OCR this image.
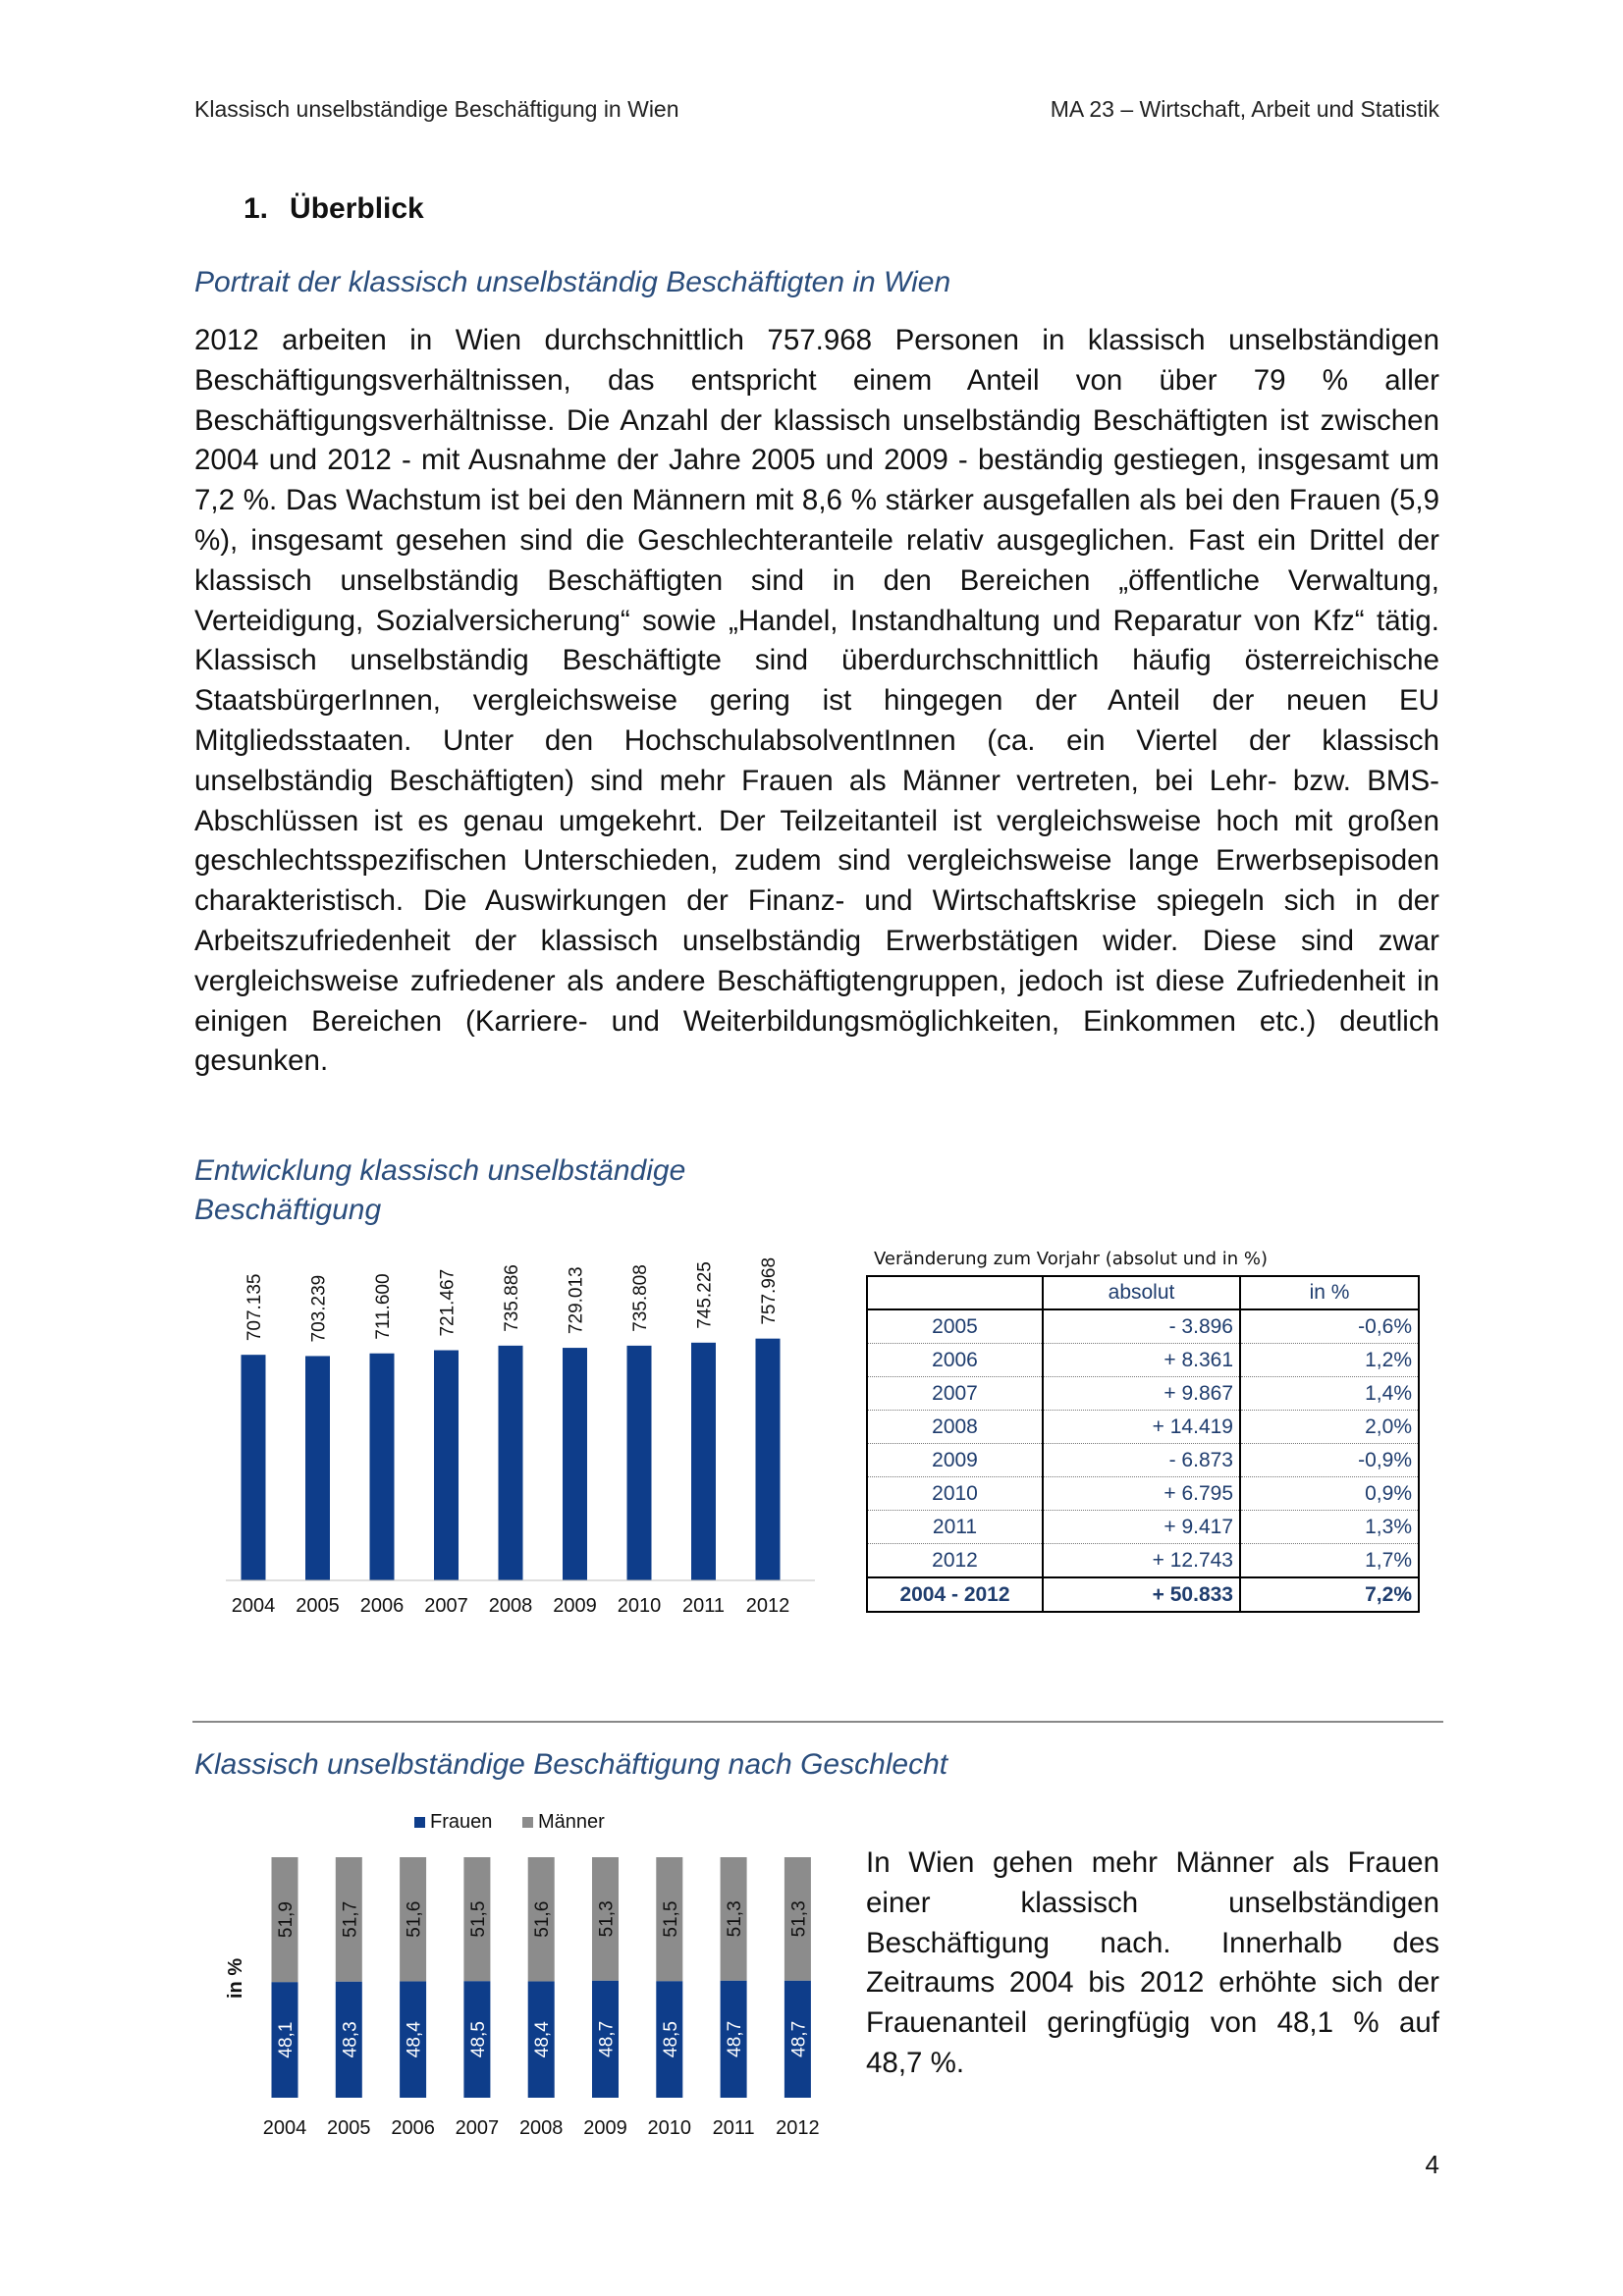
Klassisch unselbständige Beschäftigung in Wien	MA 23 – Wirtschaft, Arbeit und Statistik
1. Überblick
Portrait der klassisch unselbständig Beschäftigten in Wien
2012 arbeiten in Wien durchschnittlich 757.968 Personen in klassisch unselbständigen Beschäftigungsverhältnissen, das entspricht einem Anteil von über 79 % aller Beschäftigungsverhältnisse. Die Anzahl der klassisch unselbständig Beschäftigten ist zwischen 2004 und 2012 - mit Ausnahme der Jahre 2005 und 2009 - beständig gestiegen, insgesamt um 7,2 %. Das Wachstum ist bei den Männern mit 8,6 % stärker ausgefallen als bei den Frauen (5,9 %), insgesamt gesehen sind die Geschlechteranteile relativ ausgeglichen. Fast ein Drittel der klassisch unselbständig Beschäftigten sind in den Bereichen „öffentliche Verwaltung, Verteidigung, Sozialversicherung“ sowie „Handel, Instandhaltung und Reparatur von Kfz“ tätig. Klassisch unselbständig Beschäftigte sind überdurchschnittlich häufig österreichische StaatsbürgerInnen, vergleichsweise gering ist hingegen der Anteil der neuen EU Mitgliedsstaaten. Unter den HochschulabsolventInnen (ca. ein Viertel der klassisch unselbständig Beschäftigten) sind mehr Frauen als Männer vertreten, bei Lehr- bzw. BMS-Abschlüssen ist es genau umgekehrt. Der Teilzeitanteil ist vergleichsweise hoch mit großen geschlechtsspezifischen Unterschieden, zudem sind vergleichsweise lange Erwerbsepisoden charakteristisch. Die Auswirkungen der Finanz- und Wirtschaftskrise spiegeln sich in der Arbeitszufriedenheit der klassisch unselbständig Erwerbstätigen wider. Diese sind zwar vergleichsweise zufriedener als andere Beschäftigtengruppen, jedoch ist diese Zufriedenheit in einigen Bereichen (Karriere- und Weiterbildungsmöglichkeiten, Einkommen etc.) deutlich gesunken.
Entwicklung klassisch unselbständige
Beschäftigung
707.135
2004
703.239
2005
711.600
2006
721.467
2007
735.886
2008
729.013
2009
735.808
2010
745.225
2011
757.968
2012
Veränderung zum Vorjahr (absolut und in %)
	absolut	in %
2005	- 3.896	-0,6%
2006	+ 8.361	1,2%
2007	+ 9.867	1,4%
2008	+ 14.419	2,0%
2009	- 6.873	-0,9%
2010	+ 6.795	0,9%
2011	+ 9.417	1,3%
2012	+ 12.743	1,7%
2004 - 2012	+ 50.833	7,2%
Klassisch unselbständige Beschäftigung nach Geschlecht
Frauen Männer
in %
48,1
51,9
2004
48,3
51,7
2005
48,4
51,6
2006
48,5
51,5
2007
48,4
51,6
2008
48,7
51,3
2009
48,5
51,5
2010
48,7
51,3
2011
48,7
51,3
2012
In Wien gehen mehr Männer als Frauen einer klassisch unselbständigen Beschäftigung nach. Innerhalb des Zeitraums 2004 bis 2012 erhöhte sich der Frauenanteil geringfügig von 48,1 % auf 48,7 %.
4
